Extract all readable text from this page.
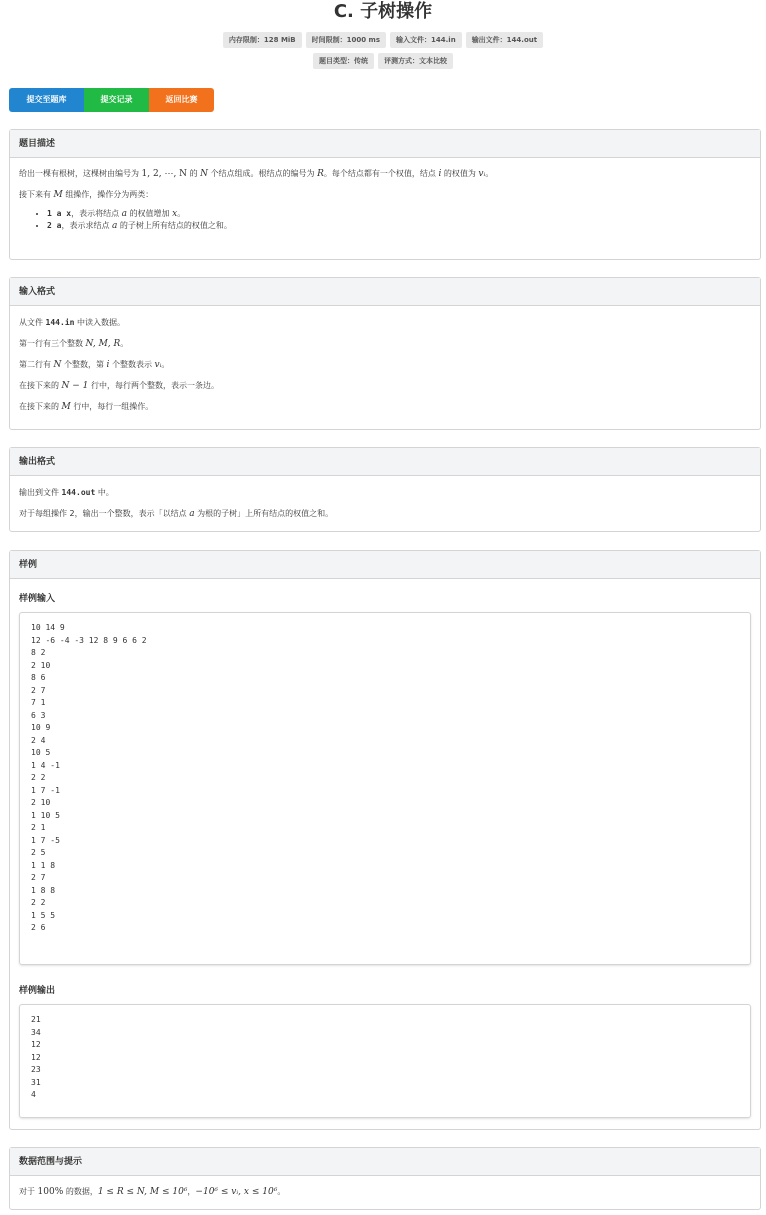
C. 子树操作
内存限制：128 MiB 时间限制：1000 ms 输入文件：144.in 输出文件：144.out
题目类型：传统 评测方式：文本比较
提交至题库	提交记录	返回比赛
题目描述

给出一棵有根树，这棵树由编号为 1, 2, ⋯, N 的 N 个结点组成。根结点的编号为 R。每个结点都有一个权值，结点 i 的权值为 vᵢ。

接下来有 M 组操作，操作分为两类：

• 1 a x，表示将结点 a 的权值增加 x。
• 2 a，表示求结点 a 的子树上所有结点的权值之和。
输入格式

从文件 144.in 中读入数据。

第一行有三个整数 N, M, R。

第二行有 N 个整数，第 i 个整数表示 vᵢ。

在接下来的 N − 1 行中，每行两个整数，表示一条边。

在接下来的 M 行中，每行一组操作。

输出格式

输出到文件 144.out 中。

对于每组操作 2，输出一个整数，表示「以结点 a 为根的子树」上所有结点的权值之和。

样例
样例输入
10 14 9
12 -6 -4 -3 12 8 9 6 6 2
8 2
2 10
8 6
2 7
7 1
6 3
10 9
2 4
10 5
1 4 -1
2 2
1 7 -1
2 10
1 10 5
2 1
1 7 -5
2 5
1 1 8
2 7
1 8 8
2 2
1 5 5
2 6
样例输出
21
34
12
12
23
31
4
数据范围与提示

对于 100% 的数据，1 ≤ R ≤ N, M ≤ 10⁶，−10⁶ ≤ vᵢ, x ≤ 10⁶。
